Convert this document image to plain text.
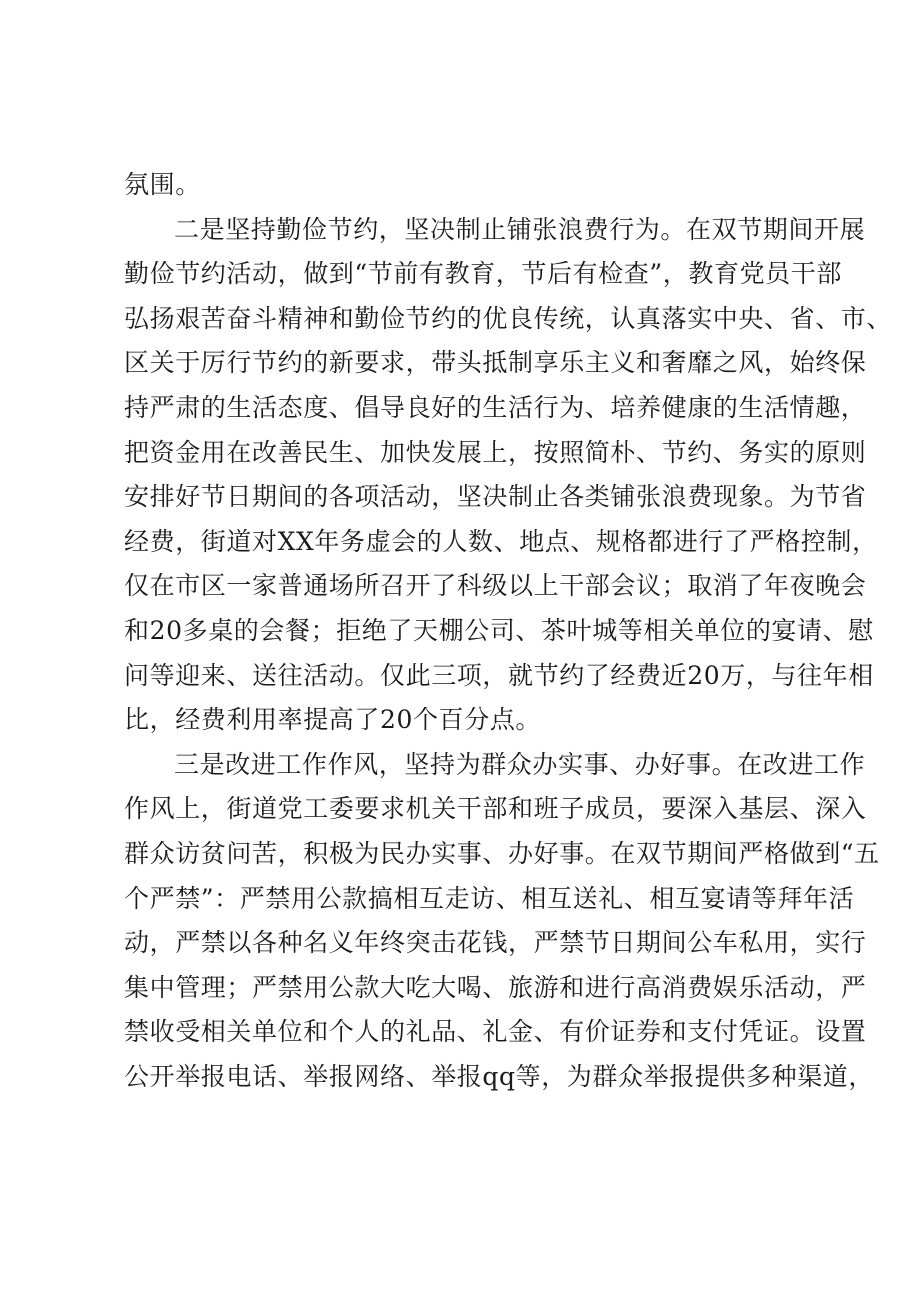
氛围。
二是坚持勤俭节约，坚决制止铺张浪费行为。在双节期间开展
勤俭节约活动，做到“节前有教育，节后有检查”，教育党员干部
弘扬艰苦奋斗精神和勤俭节约的优良传统，认真落实中央、省、市、
区关于厉行节约的新要求，带头抵制享乐主义和奢靡之风，始终保
持严肃的生活态度、倡导良好的生活行为、培养健康的生活情趣，
把资金用在改善民生、加快发展上，按照简朴、节约、务实的原则
安排好节日期间的各项活动，坚决制止各类铺张浪费现象。为节省
经费，街道对XX年务虚会的人数、地点、规格都进行了严格控制，
仅在市区一家普通场所召开了科级以上干部会议；取消了年夜晚会
和20多桌的会餐；拒绝了天棚公司、茶叶城等相关单位的宴请、慰
问等迎来、送往活动。仅此三项，就节约了经费近20万，与往年相
比，经费利用率提高了20个百分点。
三是改进工作作风，坚持为群众办实事、办好事。在改进工作
作风上，街道党工委要求机关干部和班子成员，要深入基层、深入
群众访贫问苦，积极为民办实事、办好事。在双节期间严格做到“五
个严禁”：严禁用公款搞相互走访、相互送礼、相互宴请等拜年活
动，严禁以各种名义年终突击花钱，严禁节日期间公车私用，实行
集中管理；严禁用公款大吃大喝、旅游和进行高消费娱乐活动，严
禁收受相关单位和个人的礼品、礼金、有价证券和支付凭证。设置
公开举报电话、举报网络、举报qq等，为群众举报提供多种渠道，
